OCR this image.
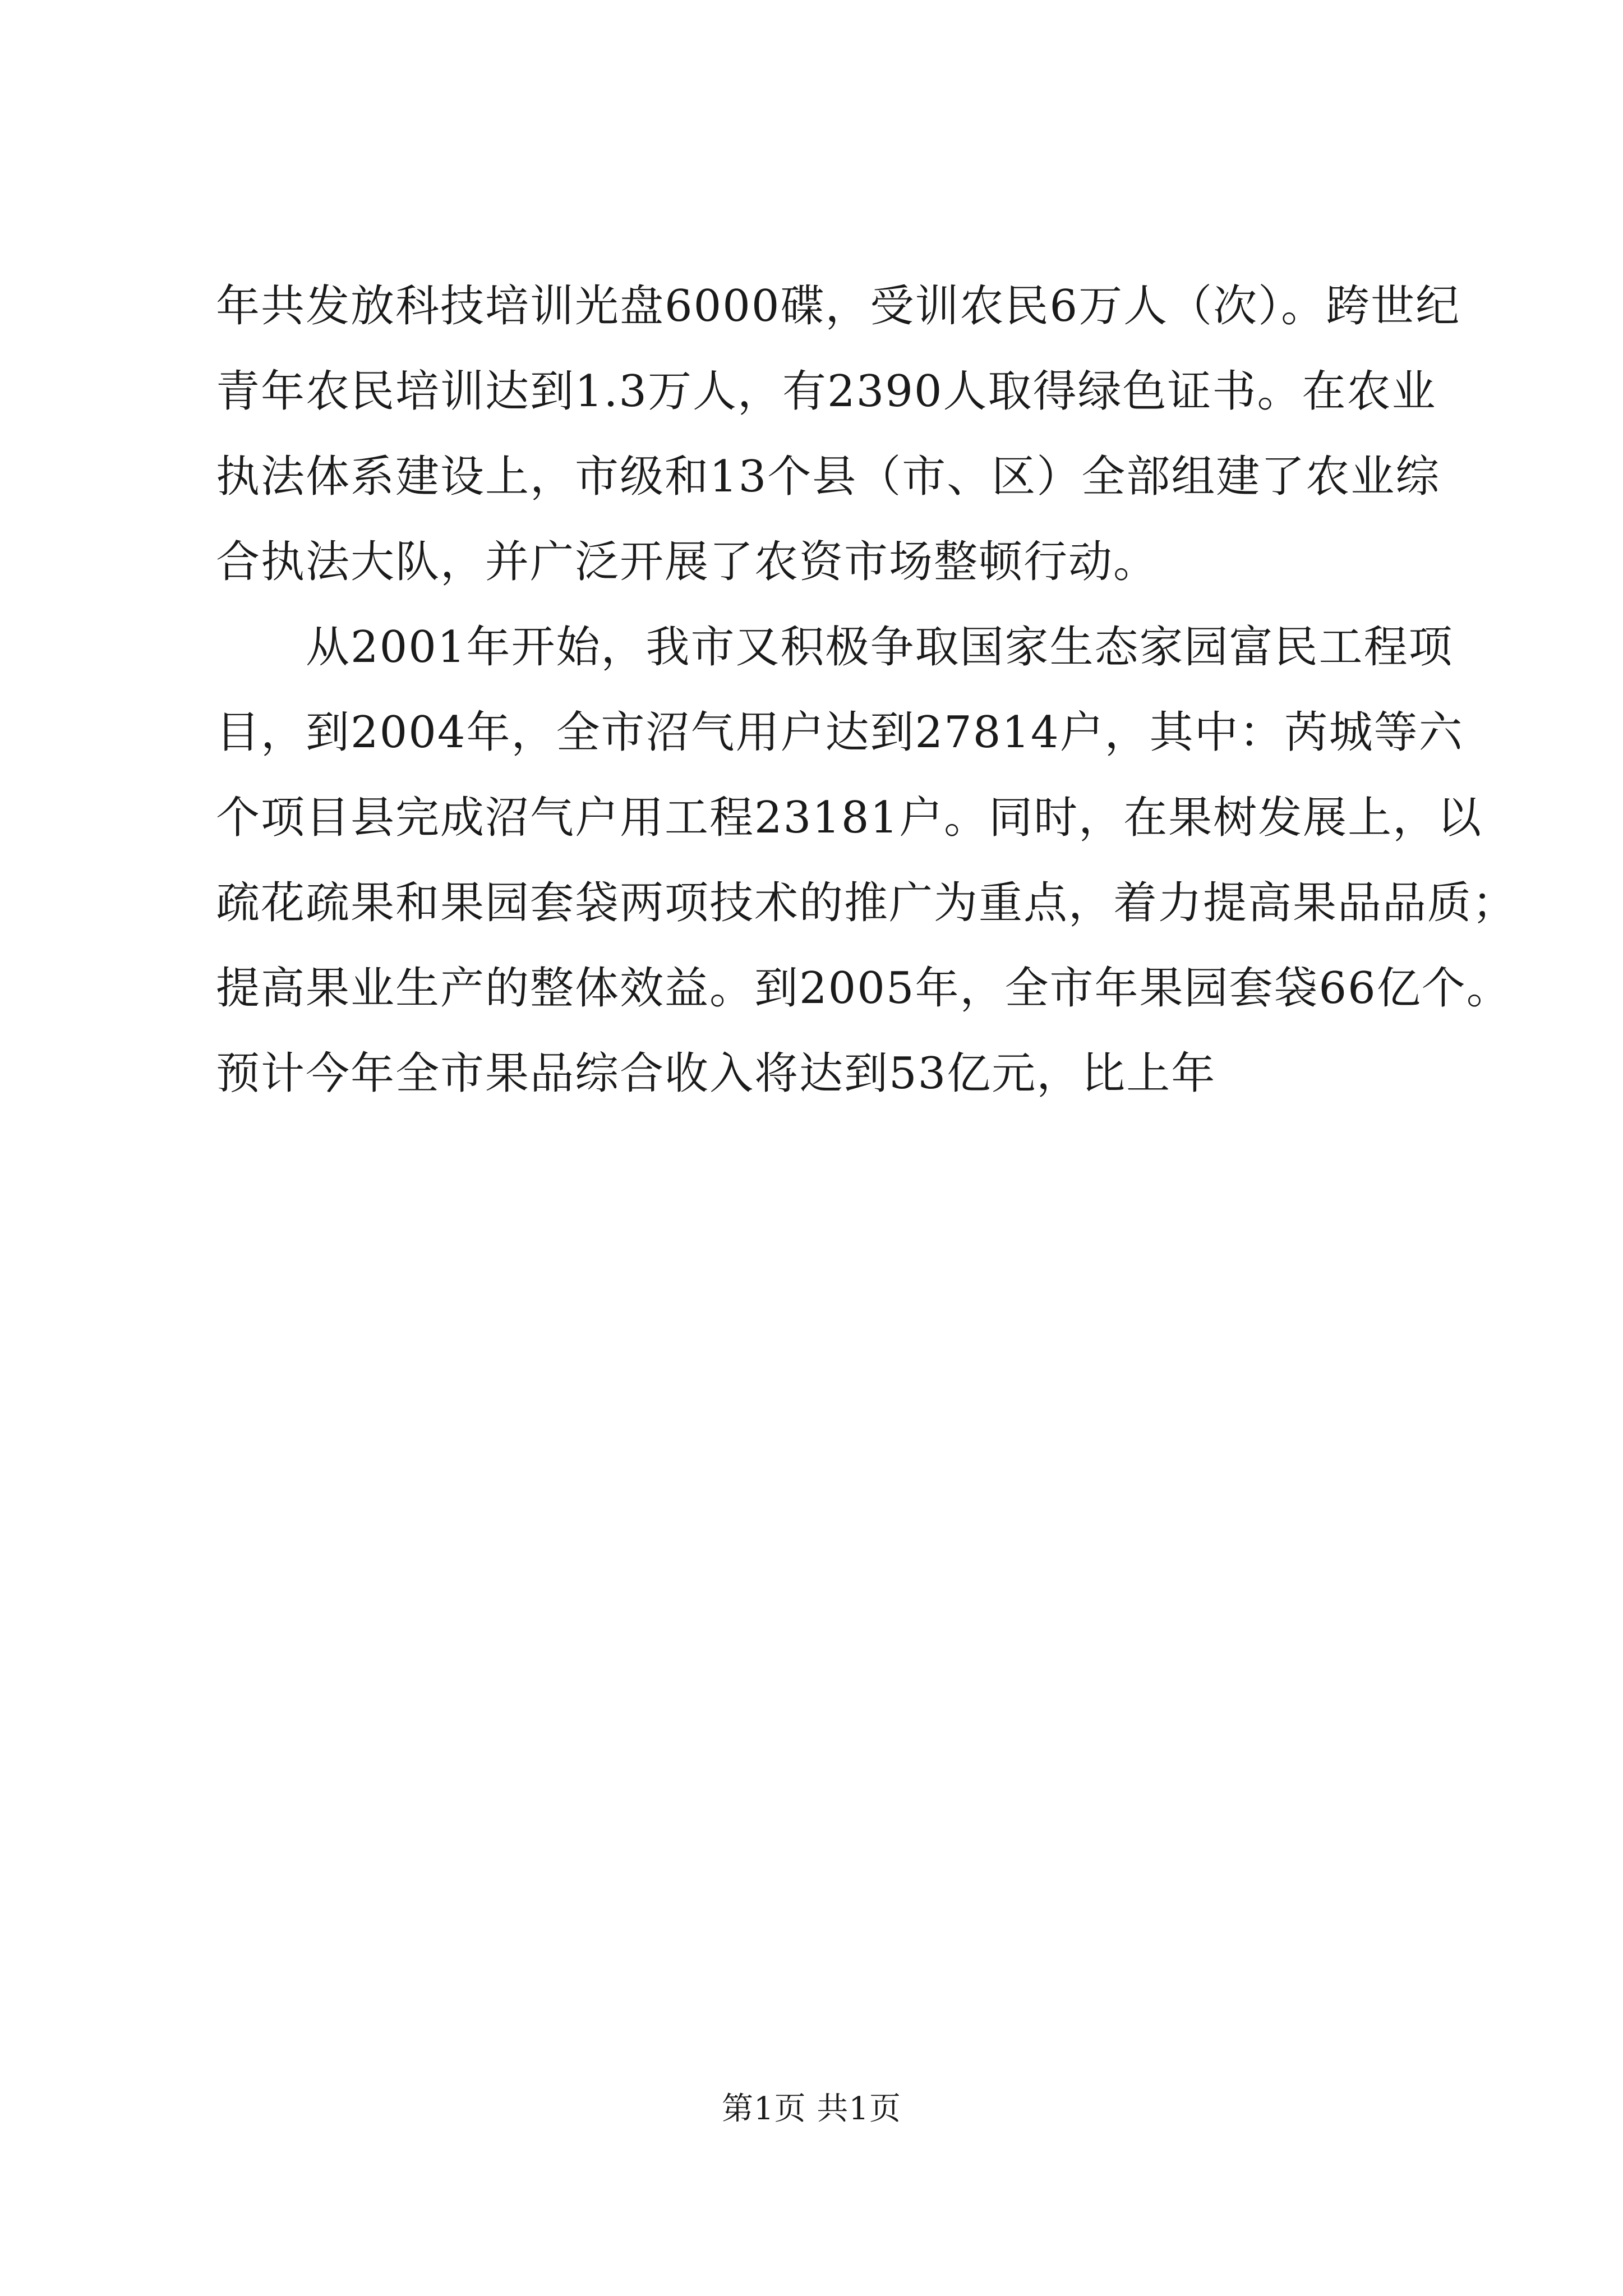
年共发放科技培训光盘6000碟，受训农民6万人（次）。跨世纪
青年农民培训达到1.3万人，有2390人取得绿色证书。在农业
执法体系建设上，市级和13个县（市、区）全部组建了农业综
合执法大队，并广泛开展了农资市场整顿行动。
从2001年开始，我市又积极争取国家生态家园富民工程项
目，到2004年，全市沼气用户达到27814户，其中：芮城等六
个项目县完成沼气户用工程23181户。同时，在果树发展上，以
疏花疏果和果园套袋两项技术的推广为重点，着力提高果品品质；
提高果业生产的整体效益。到2005年，全市年果园套袋66亿个。
预计今年全市果品综合收入将达到53亿元，比上年
第1页 共1页
